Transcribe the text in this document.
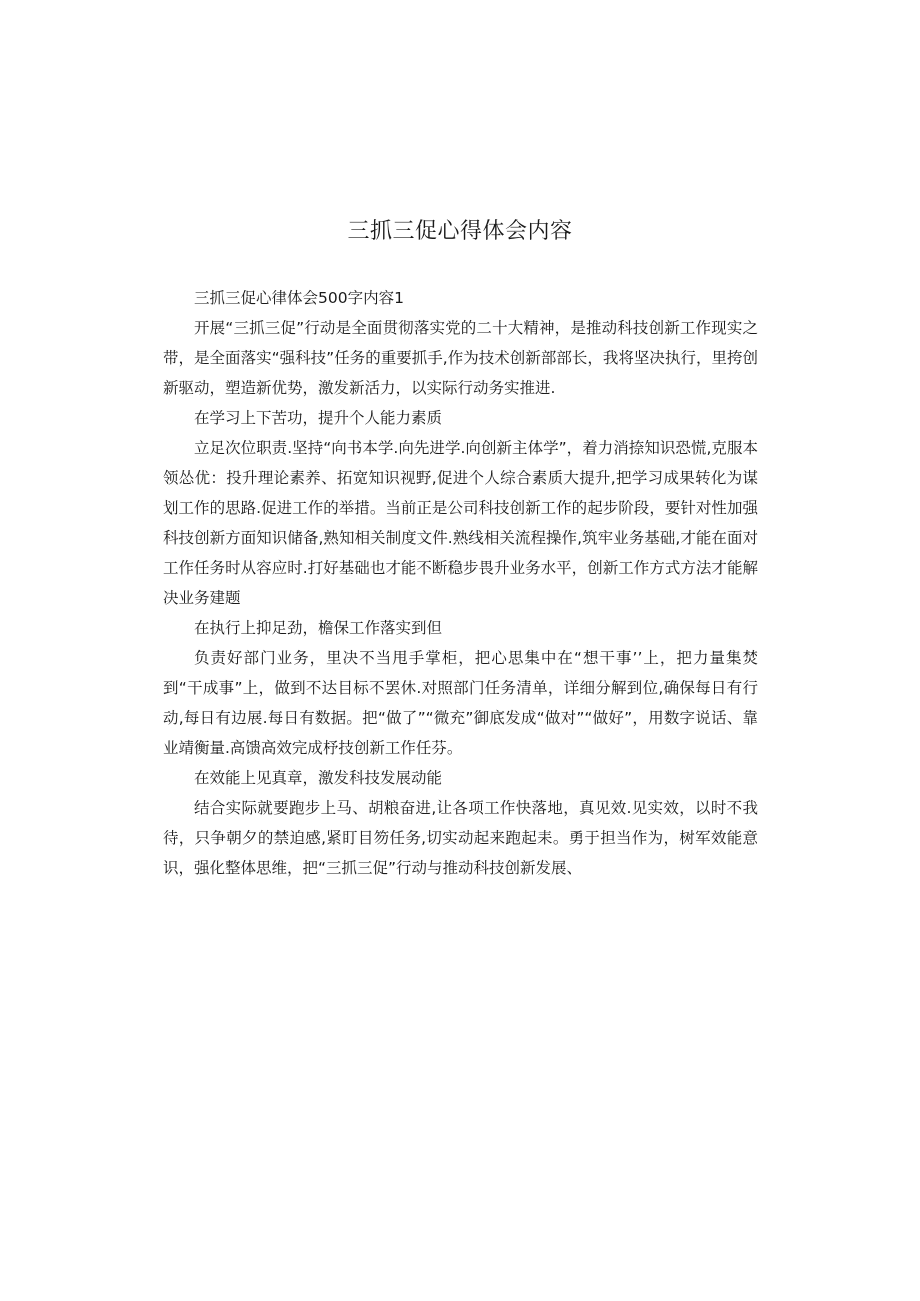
三抓三促心得体会内容

三抓三促心律体会500字内容1

开展“三抓三促”行动是全面贯彻落实党的二十大精神，是推动科技创新工作现实之带，是全面落实“强科技”任务的重要抓手,作为技术创新部部长，我将坚决执行，里挎创新驱动，塑造新优势，激发新活力，以实际行动务实推进.

在学习上下苦功，提升个人能力素质

立足次位职责.坚持“向书本学.向先进学.向创新主体学”，着力消捺知识恐慌,克服本领怂优：投升理论素养、拓宽知识视野,促进个人综合素质大提升,把学习成果转化为谋划工作的思路.促进工作的举措。当前正是公司科技创新工作的起步阶段，要针对性加强科技创新方面知识储备,熟知相关制度文件.熟线相关流程操作,筑牢业务基础,才能在面对工作任务时从容应时.打好基础也才能不断稳步畏升业务水平，创新工作方式方法才能解决业务建题

在执行上抑足劲，檐保工作落实到但

负责好部门业务，里决不当甩手掌柜，把心思集中在“想干事’’上，把力量集焚到“干成事”上，做到不达目标不罢休.对照部门任务清单，详细分解到位,确保每日有行动,每日有边展.每日有数据。把“做了”“微充”御底发成“做对”“做好”，用数字说话、靠业靖衡量.高馈高效完成杼技创新工作任芬。

在效能上见真章，激发科技发展动能

结合实际就要跑步上马、胡粮奋进,让各项工作快落地，真见效.见实效，以时不我待，只争朝夕的禁迫感,紧盯目笏任务,切实动起来跑起耒。勇于担当作为，树军效能意识，强化整体思维，把“三抓三促”行动与推动科技创新发展、
